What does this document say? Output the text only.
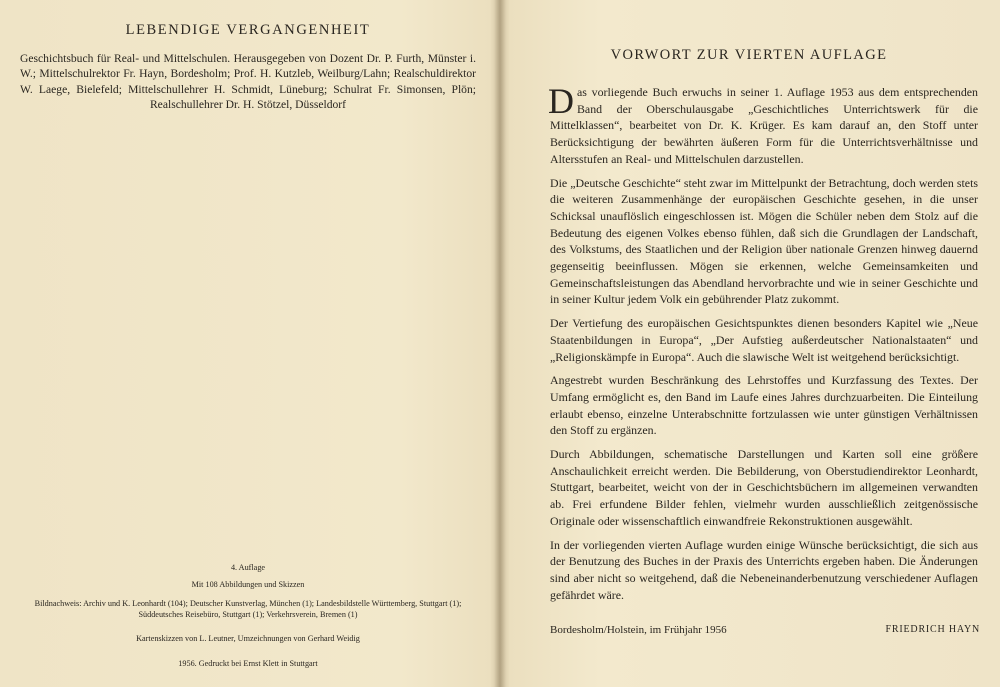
LEBENDIGE VERGANGENHEIT
Geschichtsbuch für Real- und Mittelschulen. Herausgegeben von Dozent Dr. P. Furth, Münster i. W.; Mittelschulrektor Fr. Hayn, Bordesholm; Prof. H. Kutzleb, Weilburg/Lahn; Realschuldirektor W. Laege, Bielefeld; Mittelschullehrer H. Schmidt, Lüneburg; Schulrat Fr. Simonsen, Plön; Realschullehrer Dr. H. Stötzel, Düsseldorf
4. Auflage
Mit 108 Abbildungen und Skizzen
Bildnachweis: Archiv und K. Leonhardt (104); Deutscher Kunstverlag, München (1); Landesbildstelle Württemberg, Stuttgart (1); Süddeutsches Reisebüro, Stuttgart (1); Verkehrsverein, Bremen (1)
Kartenskizzen von L. Leutner, Umzeichnungen von Gerhard Weidig
1956. Gedruckt bei Ernst Klett in Stuttgart
VORWORT ZUR VIERTEN AUFLAGE

Das vorliegende Buch erwuchs in seiner 1. Auflage 1953 aus dem entsprechenden Band der Oberschulausgabe „Geschichtliches Unterrichtswerk für die Mittelklassen“, bearbeitet von Dr. K. Krüger. Es kam darauf an, den Stoff unter Berücksichtigung der bewährten äußeren Form für die Unterrichtsverhältnisse und Altersstufen an Real- und Mittelschulen darzustellen.

Die „Deutsche Geschichte“ steht zwar im Mittelpunkt der Betrachtung, doch werden stets die weiteren Zusammenhänge der europäischen Geschichte gesehen, in die unser Schicksal unauflöslich eingeschlossen ist. Mögen die Schüler neben dem Stolz auf die Bedeutung des eigenen Volkes ebenso fühlen, daß sich die Grundlagen der Landschaft, des Volkstums, des Staatlichen und der Religion über nationale Grenzen hinweg dauernd gegenseitig beeinflussen. Mögen sie erkennen, welche Gemeinsamkeiten und Gemeinschaftsleistungen das Abendland hervorbrachte und wie in seiner Geschichte und in seiner Kultur jedem Volk ein gebührender Platz zukommt.

Der Vertiefung des europäischen Gesichtspunktes dienen besonders Kapitel wie „Neue Staatenbildungen in Europa“, „Der Aufstieg außerdeutscher Nationalstaaten“ und „Religionskämpfe in Europa“. Auch die slawische Welt ist weitgehend berücksichtigt.

Angestrebt wurden Beschränkung des Lehrstoffes und Kurzfassung des Textes. Der Umfang ermöglicht es, den Band im Laufe eines Jahres durchzuarbeiten. Die Einteilung erlaubt ebenso, einzelne Unterabschnitte fortzulassen wie unter günstigen Verhältnissen den Stoff zu ergänzen.

Durch Abbildungen, schematische Darstellungen und Karten soll eine größere Anschaulichkeit erreicht werden. Die Bebilderung, von Oberstudiendirektor Leonhardt, Stuttgart, bearbeitet, weicht von der in Geschichtsbüchern im allgemeinen verwandten ab. Frei erfundene Bilder fehlen, vielmehr wurden ausschließlich zeitgenössische Originale oder wissenschaftlich einwandfreie Rekonstruktionen ausgewählt.

In der vorliegenden vierten Auflage wurden einige Wünsche berücksichtigt, die sich aus der Benutzung des Buches in der Praxis des Unterrichts ergeben haben. Die Änderungen sind aber nicht so weitgehend, daß die Nebeneinanderbenutzung verschiedener Auflagen gefährdet wäre.

Bordesholm/Holstein, im Frühjahr 1956	FRIEDRICH HAYN
